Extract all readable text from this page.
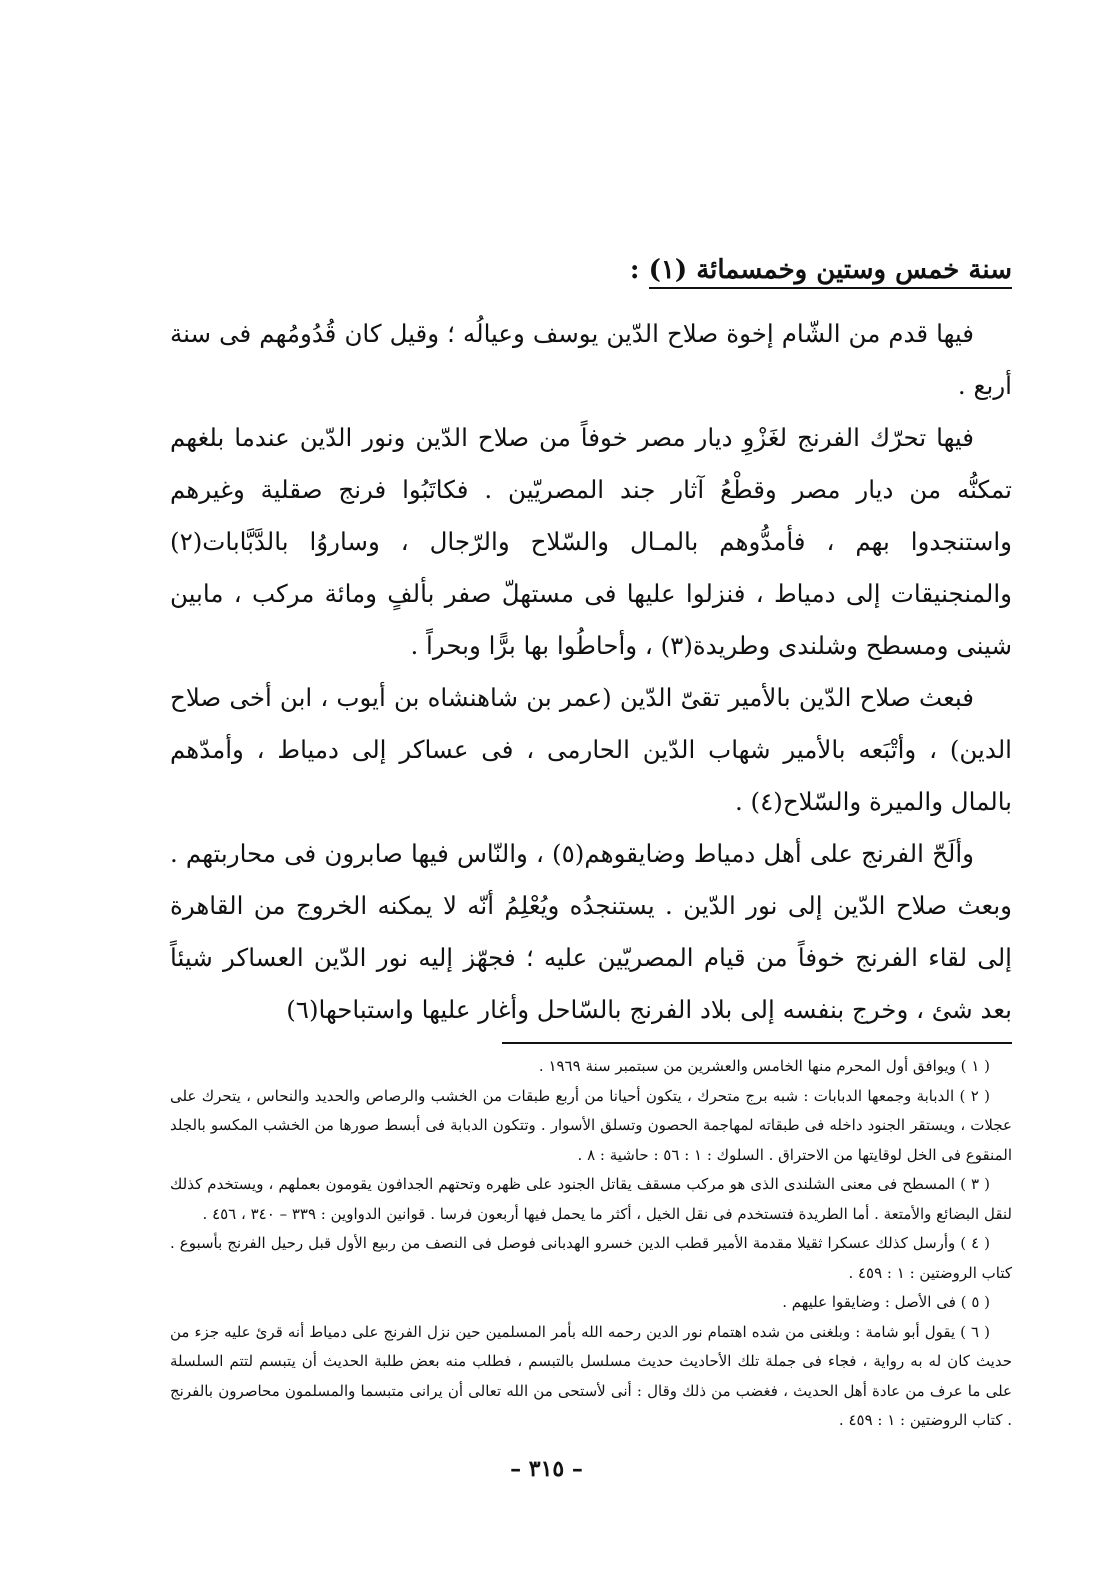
سنة خمس وستين وخمسمائة (١) :

فيها قدم من الشّام إخوة صلاح الدّين يوسف وعيالُه ؛ وقيل كان قُدُومُهم فى سنة أربع .

فيها تحرّك الفرنج لغَزْوِ ديار مصر خوفاً من صلاح الدّين ونور الدّين عندما بلغهم تمكنُّه من ديار مصر وقطْعُ آثار جند المصريّين . فكاتَبُوا فرنج صقلية وغيرهم واستنجدوا بهم ، فأمدُّوهم بالمـال والسّلاح والرّجال ، وساروُا بالدَّبَّابات(٢) والمنجنيقات إلى دمياط ، فنزلوا عليها فى مستهلّ صفر بألفٍ ومائة مركب ، مابين شينى ومسطح وشلندى وطريدة(٣) ، وأحاطُوا بها برًّا وبحراً .

فبعث صلاح الدّين بالأمير تقىّ الدّين (عمر بن شاهنشاه بن أيوب ، ابن أخى صلاح الدين) ، وأتْبَعه بالأمير شهاب الدّين الحارمى ، فى عساكر إلى دمياط ، وأمدّهم بالمال والميرة والسّلاح(٤) .

وألَحّ الفرنج على أهل دمياط وضايقوهم(٥) ، والنّاس فيها صابرون فى محاربتهم . وبعث صلاح الدّين إلى نور الدّين . يستنجدُه ويُعْلِمُ أنّه لا يمكنه الخروج من القاهرة إلى لقاء الفرنج خوفاً من قيام المصريّين عليه ؛ فجهّز إليه نور الدّين العساكر شيئاً بعد شئ ، وخرج بنفسه إلى بلاد الفرنج بالسّاحل وأغار عليها واستباحها(٦)

( ١ ) ويوافق أول المحرم منها الخامس والعشرين من سبتمبر سنة ١٩٦٩ .

( ٢ ) الدبابة وجمعها الدبابات : شبه برج متحرك ، يتكون أحيانا من أربع طبقات من الخشب والرصاص والحديد والنحاس ، يتحرك على عجلات ، ويستقر الجنود داخله فى طبقاته لمهاجمة الحصون وتسلق الأسوار . وتتكون الدبابة فى أبسط صورها من الخشب المكسو بالجلد المنقوع فى الخل لوقايتها من الاحتراق . السلوك : ١ : ٥٦ : حاشية : ٨ .

( ٣ ) المسطح فى معنى الشلندى الذى هو مركب مسقف يقاتل الجنود على ظهره وتحتهم الجدافون يقومون بعملهم ، ويستخدم كذلك لنقل البضائع والأمتعة . أما الطريدة فتستخدم فى نقل الخيل ، أكثر ما يحمل فيها أربعون فرسا . قوانين الدواوين : ٣٣٩ – ٣٤٠ ، ٤٥٦ .

( ٤ ) وأرسل كذلك عسكرا ثقيلا مقدمة الأمير قطب الدين خسرو الهدبانى فوصل فى النصف من ربيع الأول قبل رحيل الفرنج بأسبوع . كتاب الروضتين : ١ : ٤٥٩ .

( ٥ ) فى الأصل : وضايقوا عليهم .

( ٦ ) يقول أبو شامة : وبلغنى من شده اهتمام نور الدين رحمه الله بأمر المسلمين حين نزل الفرنج على دمياط أنه قرئ عليه جزء من حديث كان له به رواية ، فجاء فى جملة تلك الأحاديث حديث مسلسل بالتبسم ، فطلب منه بعض طلبة الحديث أن يتبسم لتتم السلسلة على ما عرف من عادة أهل الحديث ، فغضب من ذلك وقال : أنى لأستحى من الله تعالى أن يرانى متبسما والمسلمون محاصرون بالفرنج . كتاب الروضتين : ١ : ٤٥٩ .

– ٣١٥ –
